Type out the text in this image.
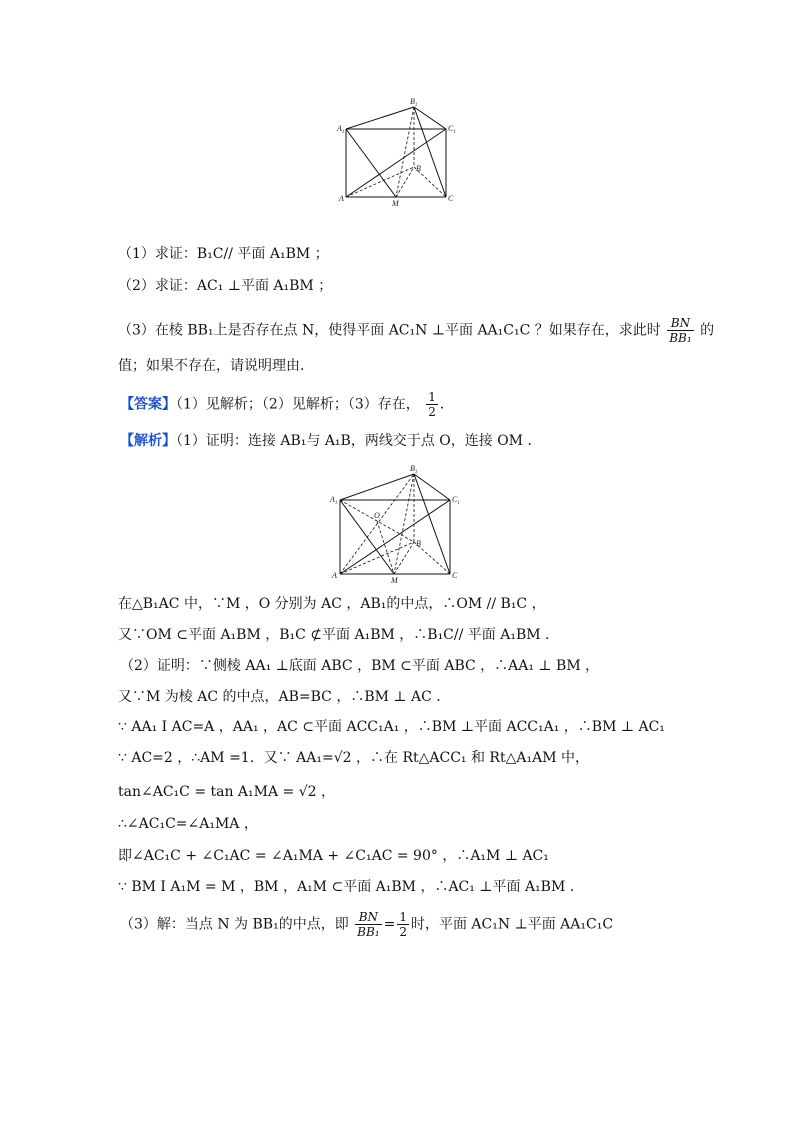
$A_1$
$B_1$
$C_1$
A
M
B
C
（1）求证：B₁C// 平面 A₁BM ；
（2）求证：AC₁ ⊥平面 A₁BM ；
（3）在棱 BB₁上是否存在点 N，使得平面 AC₁N ⊥平面 AA₁C₁C ？如果存在，求此时 $\frac{BN}{\text{BB₁}}$ 的
值；如果不存在，请说明理由．
【答案】（1）见解析；（2）见解析；（3）存在， $\frac{1}{2}$ ．
【解析】（1）证明：连接 AB₁与 A₁B，两线交于点 O，连接 OM ．
$A_1$
$B_1$
$C_1$
A
M
B
C
O
在△B₁AC 中，∵M ，O 分别为 AC ，AB₁的中点，∴OM // B₁C ，
又∵OM ⊂平面 A₁BM ，B₁C ⊄平面 A₁BM ，∴B₁C// 平面 A₁BM ．
（2）证明：∵侧棱 AA₁ ⊥底面 ABC ，BM ⊂平面 ABC ，∴AA₁ ⊥ BM ，
又∵M 为棱 AC 的中点，AB=BC ，∴BM ⊥ AC ．
∵ AA₁ I AC=A ，AA₁ ，AC ⊂平面 ACC₁A₁ ，∴BM ⊥平面 ACC₁A₁ ，∴BM ⊥ AC₁
∵ AC=2 ，∴AM =1．又∵ AA₁=√2 ，∴在 Rt△ACC₁ 和 Rt△A₁AM 中，
tan∠AC₁C = tan A₁MA = √2 ，
∴∠AC₁C=∠A₁MA ，
即∠AC₁C + ∠C₁AC = ∠A₁MA + ∠C₁AC = 90° ，∴A₁M ⊥ AC₁
∵ BM I A₁M = M ，BM ，A₁M ⊂平面 A₁BM ，∴AC₁ ⊥平面 A₁BM ．
（3）解：当点 N 为 BB₁的中点，即 $\frac{BN}{\text{BB₁}} = \frac{1}{2}$ 时，平面 AC₁N ⊥平面 AA₁C₁C
